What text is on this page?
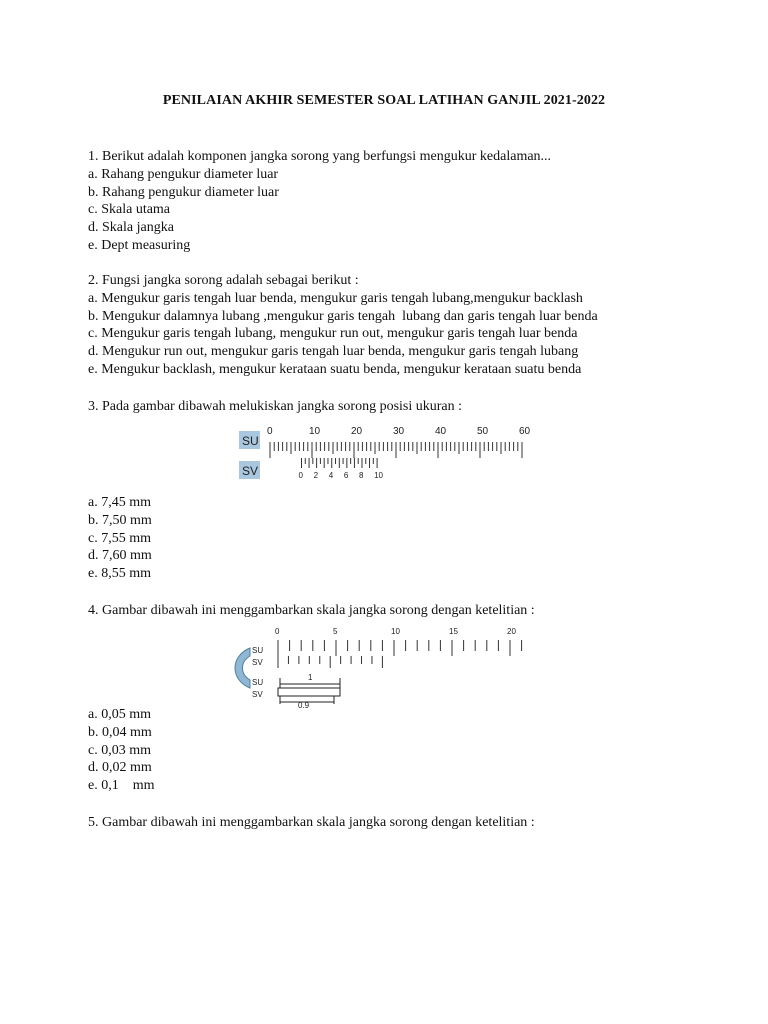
PENILAIAN AKHIR SEMESTER SOAL LATIHAN GANJIL 2021-2022
1. Berikut adalah komponen jangka sorong yang berfungsi mengukur kedalaman...
a. Rahang pengukur diameter luar
b. Rahang pengukur diameter luar
c. Skala utama
d. Skala jangka
e. Dept measuring
2. Fungsi jangka sorong adalah sebagai berikut :
a. Mengukur garis tengah luar benda, mengukur garis tengah lubang,mengukur backlash
b. Mengukur dalamnya lubang ,mengukur garis tengah  lubang dan garis tengah luar benda
c. Mengukur garis tengah lubang, mengukur run out, mengukur garis tengah luar benda
d. Mengukur run out, mengukur garis tengah luar benda, mengukur garis tengah lubang
e. Mengukur backlash, mengukur kerataan suatu benda, mengukur kerataan suatu benda
3. Pada gambar dibawah melukiskan jangka sorong posisi ukuran :
SU
SV
0	10	20	30	40	50	60
0 2 4 6 8 10
a. 7,45 mm
b. 7,50 mm
c. 7,55 mm
d. 7,60 mm
e. 8,55 mm
4. Gambar dibawah ini menggambarkan skala jangka sorong dengan ketelitian :
SU
SV
SU
SV
0	5	10	15	20
1
0,9
a. 0,05 mm
b. 0,04 mm
c. 0,03 mm
d. 0,02 mm
e. 0,1    mm
5. Gambar dibawah ini menggambarkan skala jangka sorong dengan ketelitian :
